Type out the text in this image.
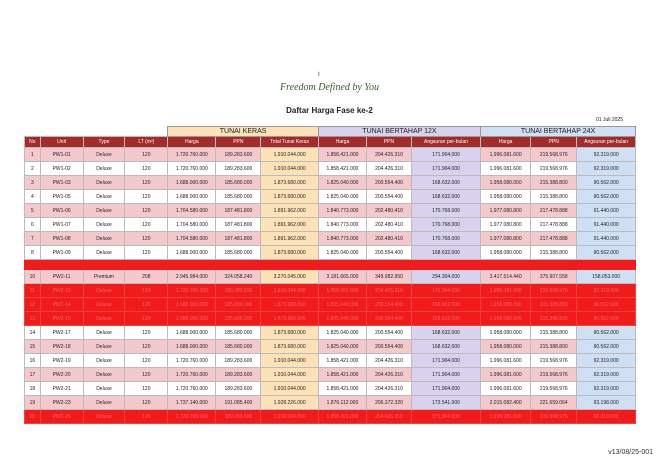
ℓ
Freedom Defined by You
Daftar Harga Fase ke-2
01 Juli 2025
				TUNAI KERAS			TUNAI BERTAHAP 12X			TUNAI BERTAHAP 24X		
No	Unit	Type	LT (m²)	Harga	PPN	Total Tunai Keras	Harga	PPN	Angsuran per-bulan	Harga	PPN	Angsuran per-bulan
1	PW1-01	Deluxe	120	1.720.760.000	189.283.600	1.910.044.000	1.858.421.000	204.426.310	171.904.000	1.996.081.600	219.568.976	92.319.000
2	PW1-02	Deluxe	120	1.720.760.000	189.283.600	1.910.044.000	1.858.421.000	204.426.310	171.904.000	1.996.081.600	219.568.976	92.319.000
3	PW1-03	Deluxe	120	1.688.000.000	185.680.000	1.873.680.000	1.825.040.000	200.554.400	168.632.000	1.958.080.000	215.388.800	90.562.000
4	PW1-05	Deluxe	120	1.688.000.000	185.680.000	1.873.680.000	1.825.040.000	200.554.400	168.632.000	1.958.080.000	215.388.800	90.562.000
5	PW1-06	Deluxe	120	1.704.580.000	187.481.800	1.891.962.000	1.840.773.000	202.480.410	170.768.000	1.977.080.800	217.478.888	91.440.000
6	PW1-07	Deluxe	120	1.704.580.000	187.481.800	1.891.962.000	1.840.773.000	202.480.410	170.768.000	1.977.080.800	217.478.888	91.440.000
7	PW1-08	Deluxe	120	1.704.580.000	187.481.800	1.891.962.000	1.840.773.000	202.480.410	170.768.000	1.977.080.800	217.478.888	91.440.000
8	PW1-09	Deluxe	120	1.688.000.000	185.680.000	1.873.680.000	1.825.040.000	200.554.400	168.632.000	1.958.080.000	215.388.800	90.562.000

10	PW2-11	Premium	208	2.945.984.000	324.058.240	3.270.045.000	3.181.665.000	349.982.950	294.304.000	3.417.514.440	375.907.558	158.053.000
11	PW2-12	Deluxe	120	1.720.760.000	189.283.600	1.910.044.000	1.858.421.000	204.426.310	171.904.000	1.996.081.600	219.568.976	92.319.000
12	PW2-14	Deluxe	120	1.688.000.000	185.680.000	1.873.680.000	1.825.040.000	200.554.400	168.632.000	1.958.080.000	215.388.800	90.562.000
13	PW2-15	Deluxe	120	1.688.000.000	185.680.000	1.873.680.000	1.825.040.000	200.554.400	168.632.000	1.958.080.000	215.388.800	90.562.000
14	PW2-17	Deluxe	120	1.688.000.000	185.680.000	1.873.680.000	1.825.040.000	200.554.400	168.632.000	1.958.080.000	215.388.800	90.562.000
15	PW2-18	Deluxe	120	1.688.000.000	185.680.000	1.873.680.000	1.825.040.000	200.554.400	168.632.000	1.958.080.000	215.388.800	90.562.000
16	PW2-19	Deluxe	120	1.720.760.000	189.283.600	1.910.044.000	1.858.421.000	204.426.310	171.904.000	1.996.081.600	219.568.976	92.319.000
17	PW2-20	Deluxe	120	1.720.760.000	189.283.600	1.910.044.000	1.858.421.000	204.426.310	171.904.000	1.996.081.600	219.568.976	92.319.000
18	PW2-21	Deluxe	120	1.720.760.000	189.283.600	1.910.044.000	1.858.421.000	204.426.310	171.904.000	1.996.081.600	219.568.976	92.319.000
19	PW2-23	Deluxe	120	1.737.140.000	191.085.400	1.928.226.000	1.876.112.000	206.372.320	173.541.000	2.015.082.400	221.659.064	93.198.000
20	PW2-25	Deluxe	120	1.720.760.000	189.283.600	1.910.044.000	1.858.421.000	204.426.310	171.904.000	1.996.081.600	219.568.976	92.319.000
v13/08/25-001
